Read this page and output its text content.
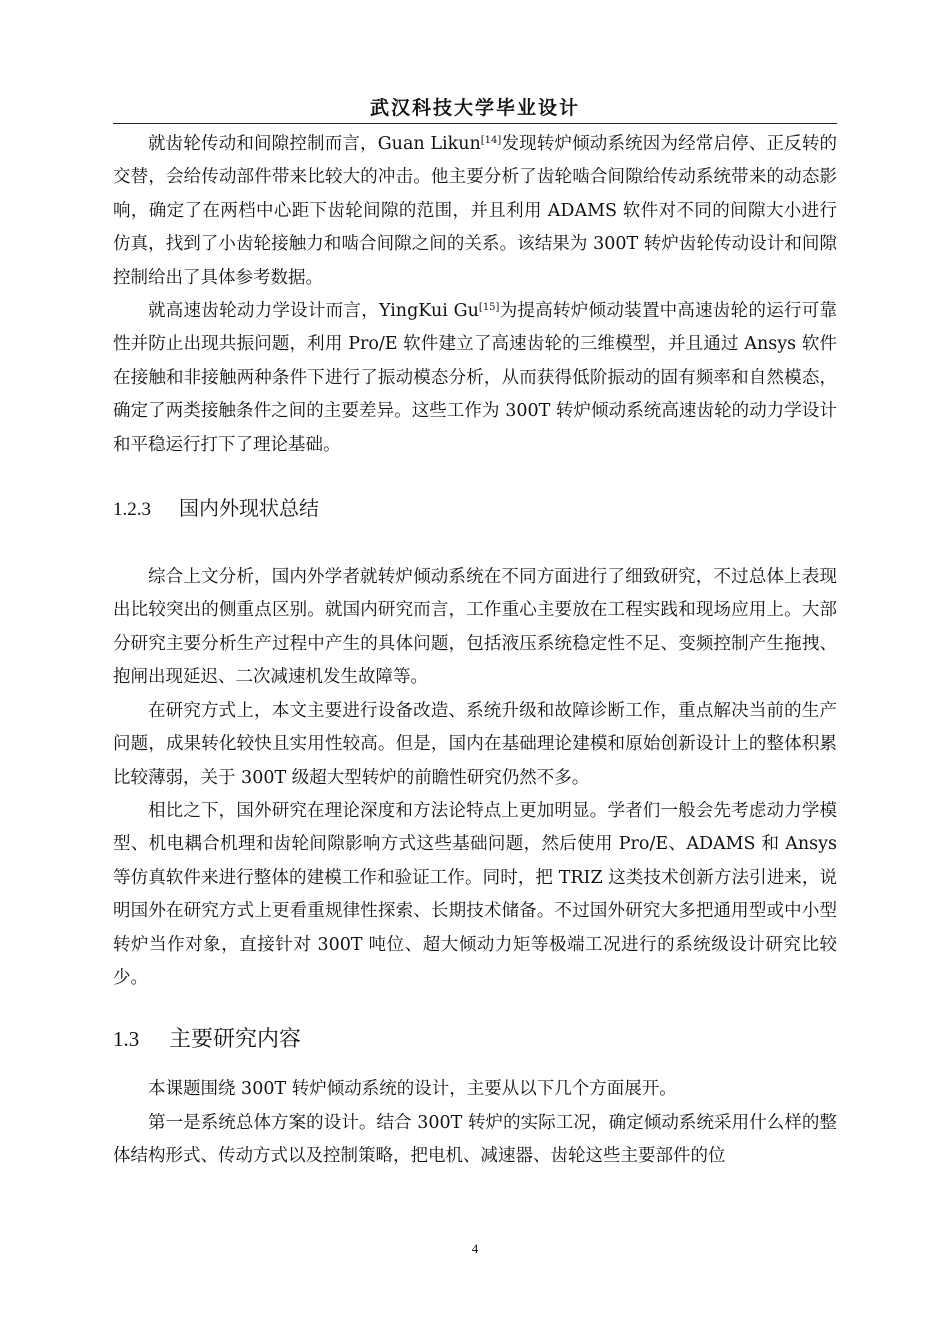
武汉科技大学毕业设计

就齿轮传动和间隙控制而言，Guan Likun[14]发现转炉倾动系统因为经常启停、正反转的交替，会给传动部件带来比较大的冲击。他主要分析了齿轮啮合间隙给传动系统带来的动态影响，确定了在两档中心距下齿轮间隙的范围，并且利用 ADAMS 软件对不同的间隙大小进行仿真，找到了小齿轮接触力和啮合间隙之间的关系。该结果为 300T 转炉齿轮传动设计和间隙控制给出了具体参考数据。

就高速齿轮动力学设计而言，YingKui Gu[15]为提高转炉倾动装置中高速齿轮的运行可靠性并防止出现共振问题，利用 Pro/E 软件建立了高速齿轮的三维模型，并且通过 Ansys 软件在接触和非接触两种条件下进行了振动模态分析，从而获得低阶振动的固有频率和自然模态，确定了两类接触条件之间的主要差异。这些工作为 300T 转炉倾动系统高速齿轮的动力学设计和平稳运行打下了理论基础。

1.2.3 国内外现状总结

综合上文分析，国内外学者就转炉倾动系统在不同方面进行了细致研究，不过总体上表现出比较突出的侧重点区别。就国内研究而言，工作重心主要放在工程实践和现场应用上。大部分研究主要分析生产过程中产生的具体问题，包括液压系统稳定性不足、变频控制产生拖拽、抱闸出现延迟、二次减速机发生故障等。

在研究方式上，本文主要进行设备改造、系统升级和故障诊断工作，重点解决当前的生产问题，成果转化较快且实用性较高。但是，国内在基础理论建模和原始创新设计上的整体积累比较薄弱，关于 300T 级超大型转炉的前瞻性研究仍然不多。

相比之下，国外研究在理论深度和方法论特点上更加明显。学者们一般会先考虑动力学模型、机电耦合机理和齿轮间隙影响方式这些基础问题，然后使用 Pro/E、ADAMS 和 Ansys 等仿真软件来进行整体的建模工作和验证工作。同时，把 TRIZ 这类技术创新方法引进来，说明国外在研究方式上更看重规律性探索、长期技术储备。不过国外研究大多把通用型或中小型转炉当作对象，直接针对 300T 吨位、超大倾动力矩等极端工况进行的系统级设计研究比较少。

1.3 主要研究内容

本课题围绕 300T 转炉倾动系统的设计，主要从以下几个方面展开。

第一是系统总体方案的设计。结合 300T 转炉的实际工况，确定倾动系统采用什么样的整体结构形式、传动方式以及控制策略，把电机、减速器、齿轮这些主要部件的位

4
